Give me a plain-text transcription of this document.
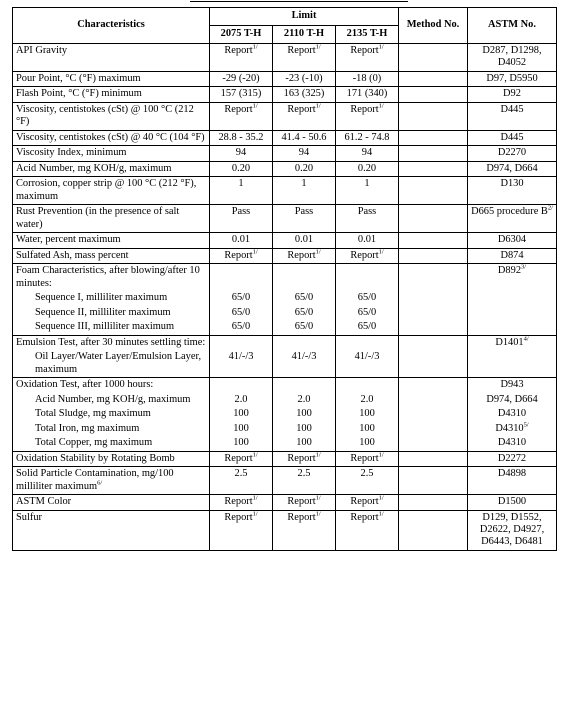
Characteristics	Limit			Method No.	ASTM No.
	2075 T-H	2110 T-H	2135 T-H		
API Gravity	Report$^{1/}$	Report$^{1/}$	Report$^{1/}$		D287, D1298, D4052
Pour Point, °C (°F) maximum	-29 (-20)	-23 (-10)	-18 (0)		D97, D5950
Flash Point, °C (°F) minimum	157 (315)	163 (325)	171 (340)		D92
Viscosity, centistokes (cSt) @ 100 °C (212 °F)	Report$^{1/}$	Report$^{1/}$	Report$^{1/}$		D445
Viscosity, centistokes (cSt) @ 40 °C (104 °F)	28.8 - 35.2	41.4 - 50.6	61.2 - 74.8		D445
Viscosity Index, minimum	94	94	94		D2270
Acid Number, mg KOH/g, maximum	0.20	0.20	0.20		D974, D664
Corrosion, copper strip @ 100 °C (212 °F), maximum	1	1	1		D130
Rust Prevention (in the presence of salt water)	Pass	Pass	Pass		D665 procedure $B^{2/}$
Water, percent maximum	0.01	0.01	0.01		D6304
Sulfated Ash, mass percent	Report$^{1/}$	Report$^{1/}$	Report$^{1/}$		D874
Foam Characteristics, after blowing/after 10 minutes:					$D892^{3/}$
Sequence I, milliliter maximum	65/0	65/0	65/0		
Sequence II, milliliter maximum	65/0	65/0	65/0		
Sequence III, milliliter maximum	65/0	65/0	65/0		
Emulsion Test, after 30 minutes settling time:					$D1401^{4/}$
Oil Layer/Water Layer/Emulsion Layer, maximum	41/-/3	41/-/3	41/-/3		
Oxidation Test, after 1000 hours:					D943
Acid Number, mg KOH/g, maximum	2.0	2.0	2.0		D974, D664
Total Sludge, mg maximum	100	100	100		D4310
Total Iron, mg maximum	100	100	100		$D4310^{5/}$
Total Copper, mg maximum	100	100	100		D4310
Oxidation Stability by Rotating Bomb	Report$^{1/}$	Report$^{1/}$	Report$^{1/}$		D2272
Solid Particle Contamination, mg/100 milliliter maximum$^{6/}$	2.5	2.5	2.5		D4898
ASTM Color	Report$^{1/}$	Report$^{1/}$	Report$^{1/}$		D1500
Sulfur	Report$^{1/}$	Report$^{1/}$	Report$^{1/}$		D129, D1552, D2622, D4927, D6443, D6481
